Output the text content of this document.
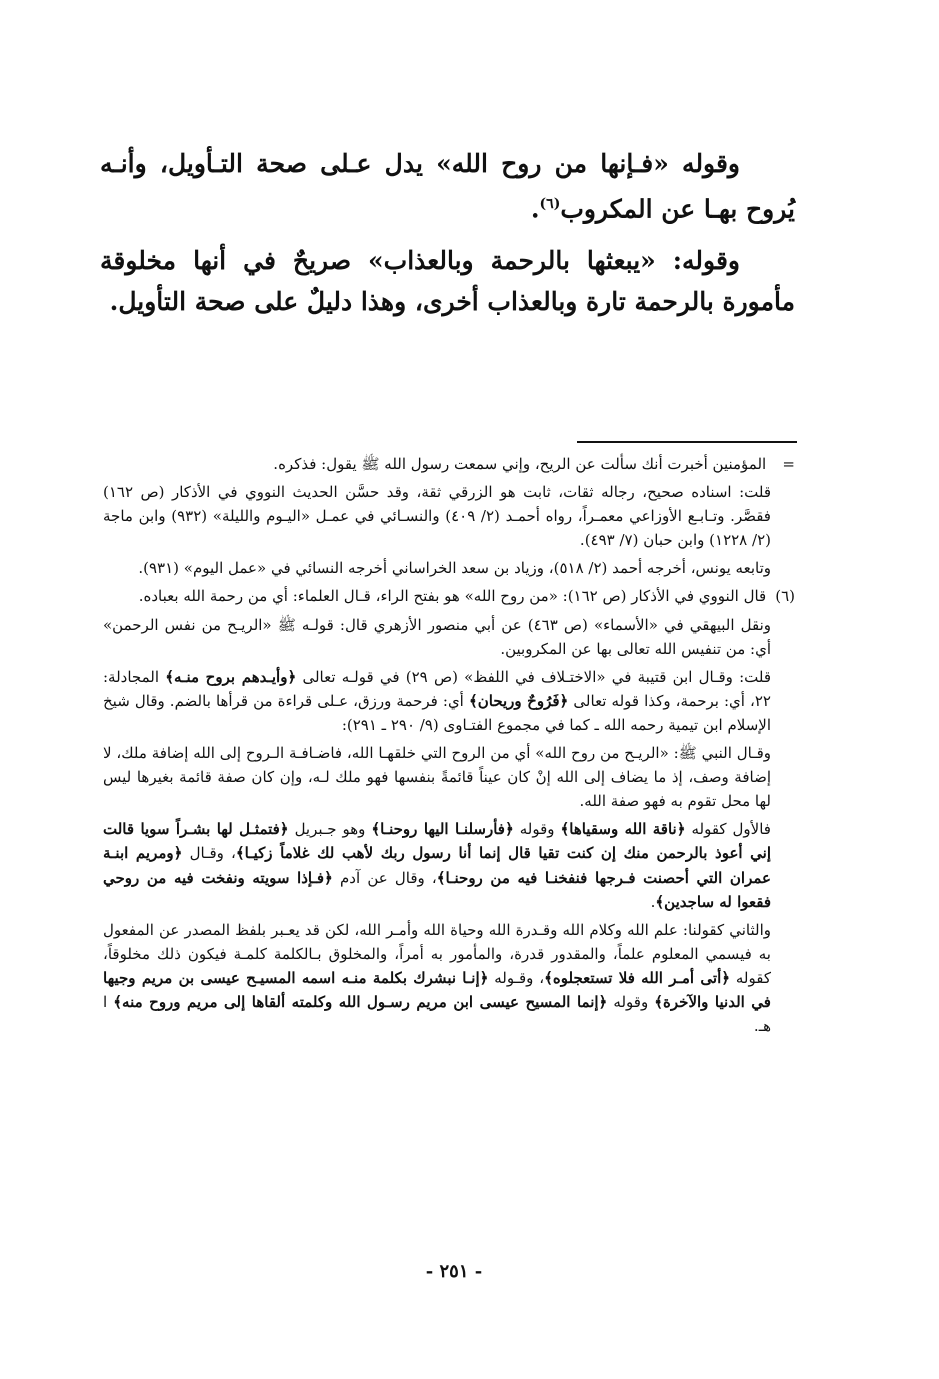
وقوله «فـإنها من روح الله» يدل عـلى صحة التـأويل، وأنـه يُروح بهـا عن المكروب$^{(٦)}$.
وقوله: «يبعثها بالرحمة وبالعذاب» صريحٌ في أنها مخلوقة مأمورة بالرحمة تارة وبالعذاب أخرى، وهذا دليلٌ على صحة التأويل.
= المؤمنين أخبرت أنك سألت عن الريح، وإني سمعت رسول الله ﷺ يقول: فذكره.
قلت: اسناده صحيح، رجاله ثقات، ثابت هو الزرقي ثقة، وقد حسَّن الحديث النووي في الأذكار (ص ١٦٢) فقصَّر. وتـابـع الأوزاعي معمـراً، رواه أحمـد (٢/ ٤٠٩) والنسـائي في عمـل «اليـوم والليلة» (٩٣٢) وابن ماجة (٢/ ١٢٢٨) وابن حبان (٧/ ٤٩٣).
وتابعه يونس، أخرجه أحمد (٢/ ٥١٨)، وزياد بن سعد الخراساني أخرجه النسائي في «عمل اليوم» (٩٣١).
(٦) قال النووي في الأذكار (ص ١٦٢): «من روح الله» هو بفتح الراء، قـال العلماء: أي من رحمة الله بعباده.
ونقل البيهقي في «الأسماء» (ص ٤٦٣) عن أبي منصور الأزهري قال: قولـه ﷺ «الريـح من نفس الرحمن» أي: من تنفيس الله تعالى بها عن المكروبين.
قلت: وقـال ابن قتيبة في «الاختـلاف في اللفظ» (ص ٢٩) في قولـه تعالى ﴿وأيـدهم بروح منـه﴾ المجادلة: ٢٢، أي: برحمة، وكذا قوله تعالى ﴿فَرُوحٌ وريحان﴾ أي: فرحمة ورزق، عـلى قراءة من قرأها بالضم. وقال شيخ الإسلام ابن تيمية رحمه الله ـ كما في مجموع الفتـاوى (٩/ ٢٩٠ ـ ٢٩١):
وقـال النبي ﷺ: «الريـح من روح الله» أي من الروح التي خلقهـا الله، فاضـافـة الـروح إلى الله إضافة ملك، لا إضافة وصف، إذ ما يضاف إلى الله إنْ كان عيناً قائمةً بنفسها فهو ملك لـه، وإن كان صفة قائمة بغيرها ليس لها محل تقوم به فهو صفة الله.
فالأول كقوله ﴿ناقة الله وسقياها﴾ وقوله ﴿فأرسلنـا اليها روحنـا﴾ وهو جـبريل ﴿فتمثـل لها بشـراً سويا قالت إني أعوذ بالرحمن منك إن كنت تقيا قال إنما أنا رسول ربك لأهب لك غلاماً زكيـا﴾، وقـال ﴿ومريم ابنـة عمران التي أحصنت فـرجها فنفخنـا فيه من روحنـا﴾، وقال عن آدم ﴿فـإذا سويته ونفخت فيه من روحي فقعوا له ساجدين﴾.
والثاني كقولنا: علم الله وكلام الله وقـدرة الله وحياة الله وأمـر الله، لكن قد يعـبر بلفظ المصدر عن المفعول به فيسمي المعلوم علماً، والمقدور قدرة، والمأمور به أمراً، والمخلوق بـالكلمة كلمـة فيكون ذلك مخلوقاً، كقوله ﴿أتى أمـر الله فلا تستعجلوه﴾، وقـوله ﴿إنـا نبشرك بكلمة منـه اسمه المسيـح عيسى بن مريم وجيها في الدنيا والآخرة﴾ وقوله ﴿إنما المسيح عيسى ابن مريم رسـول الله وكلمته ألقاها إلى مريم وروح منه﴾ ا هـ.
- ٢٥١ -
